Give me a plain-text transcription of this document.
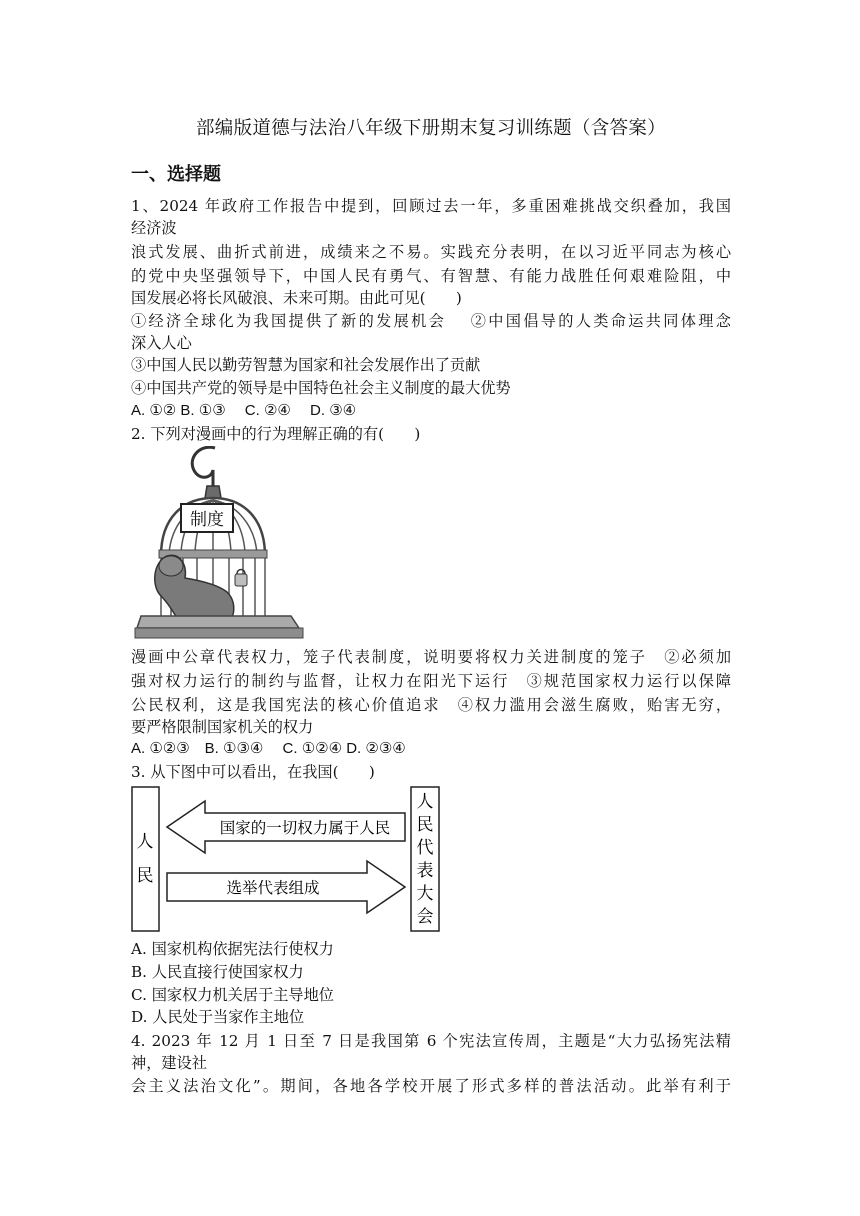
部编版道德与法治八年级下册期末复习训练题（含答案）
一、选择题
1、2024 年政府工作报告中提到，回顾过去一年，多重困难挑战交织叠加，我国
经济波
浪式发展、曲折式前进，成绩来之不易。实践充分表明，在以习近平同志为核心
的党中央坚强领导下，中国人民有勇气、有智慧、有能力战胜任何艰难险阻，中
国发展必将长风破浪、未来可期。由此可见(　　)
①经济全球化为我国提供了新的发展机会　 ②中国倡导的人类命运共同体理念
深入人心
③中国人民以勤劳智慧为国家和社会发展作出了贡献
④中国共产党的领导是中国特色社会主义制度的最大优势
A. ①② B. ①③　 C. ②④　 D. ③④
2. 下列对漫画中的行为理解正确的有(　　)
制度
漫画中公章代表权力，笼子代表制度，说明要将权力关进制度的笼子　②必须加
强对权力运行的制约与监督，让权力在阳光下运行　③规范国家权力运行以保障
公民权利，这是我国宪法的核心价值追求　④权力滥用会滋生腐败，贻害无穷，
要严格限制国家机关的权力
A. ①②③　B. ①③④　 C. ①②④ D. ②③④
3. 从下图中可以看出，在我国(　　)
人民
人民代表大会
国家的一切权力属于人民
选举代表组成
A. 国家机构依据宪法行使权力
B. 人民直接行使国家权力
C. 国家权力机关居于主导地位
D. 人民处于当家作主地位
4. 2023 年 12 月 1 日至 7 日是我国第 6 个宪法宣传周，主题是“大力弘扬宪法精
神，建设社
会主义法治文化”。期间，各地各学校开展了形式多样的普法活动。此举有利于
